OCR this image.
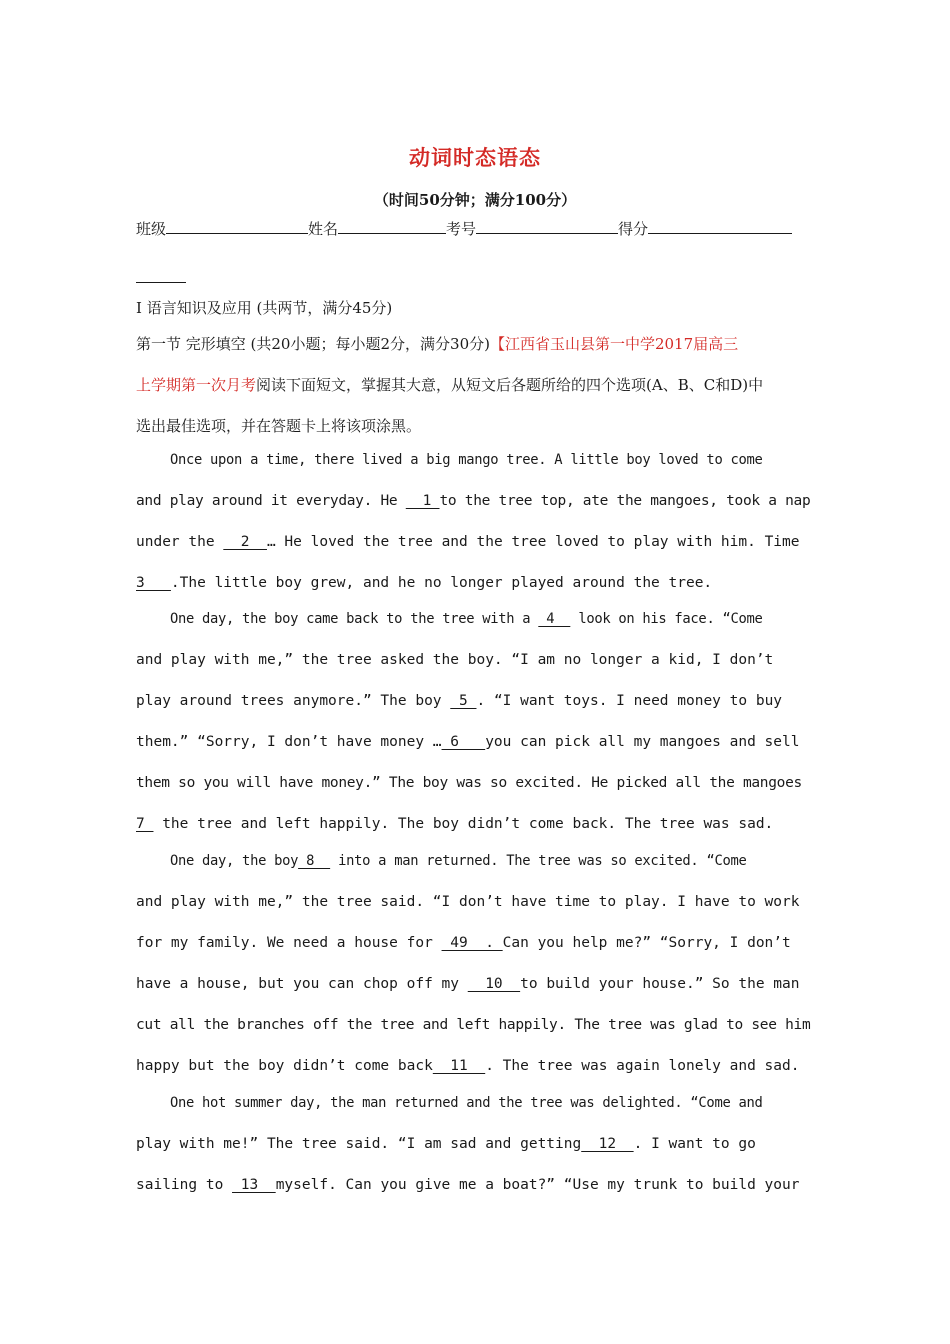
动词时态语态
（时间50分钟；满分100分）
班级	姓名	考号	得分
I 语言知识及应用 (共两节，满分45分)
第一节 完形填空 (共20小题；每小题2分，满分30分)【江西省玉山县第一中学2017届高三
上学期第一次月考阅读下面短文，掌握其大意，从短文后各题所给的四个选项(A、B、C和D)中
选出最佳选项，并在答题卡上将该项涂黑。
Once upon a time, there lived a big mango tree. A little boy loved to come
and play around it everyday. He   1 to the tree top, ate the mangoes, took a nap
under the   2  … He loved the tree and the tree loved to play with him. Time
3   .The little boy grew, and he no longer played around the tree.
One day, the boy came back to the tree with a  4   look on his face. “Come
and play with me,” the tree asked the boy. “I am no longer a kid, I don’t
play around trees anymore.” The boy  5 . “I want toys. I need money to buy
them.” “Sorry, I don’t have money … 6   you can pick all my mangoes and sell
them so you will have money.” The boy was so excited. He picked all the mangoes
7  the tree and left happily. The boy didn’t come back. The tree was sad.
One day, the boy 8   into a man returned. The tree was so excited. “Come
and play with me,” the tree said. “I don’t have time to play. I have to work
for my family. We need a house for  49  . Can you help me?” “Sorry, I don’t
have a house, but you can chop off my   10  to build your house.” So the man
cut all the branches off the tree and left happily. The tree was glad to see him
happy but the boy didn’t come back  11  . The tree was again lonely and sad.
One hot summer day, the man returned and the tree was delighted. “Come and
play with me!” The tree said. “I am sad and getting  12  . I want to go
sailing to  13  myself. Can you give me a boat?” “Use my trunk to build your
